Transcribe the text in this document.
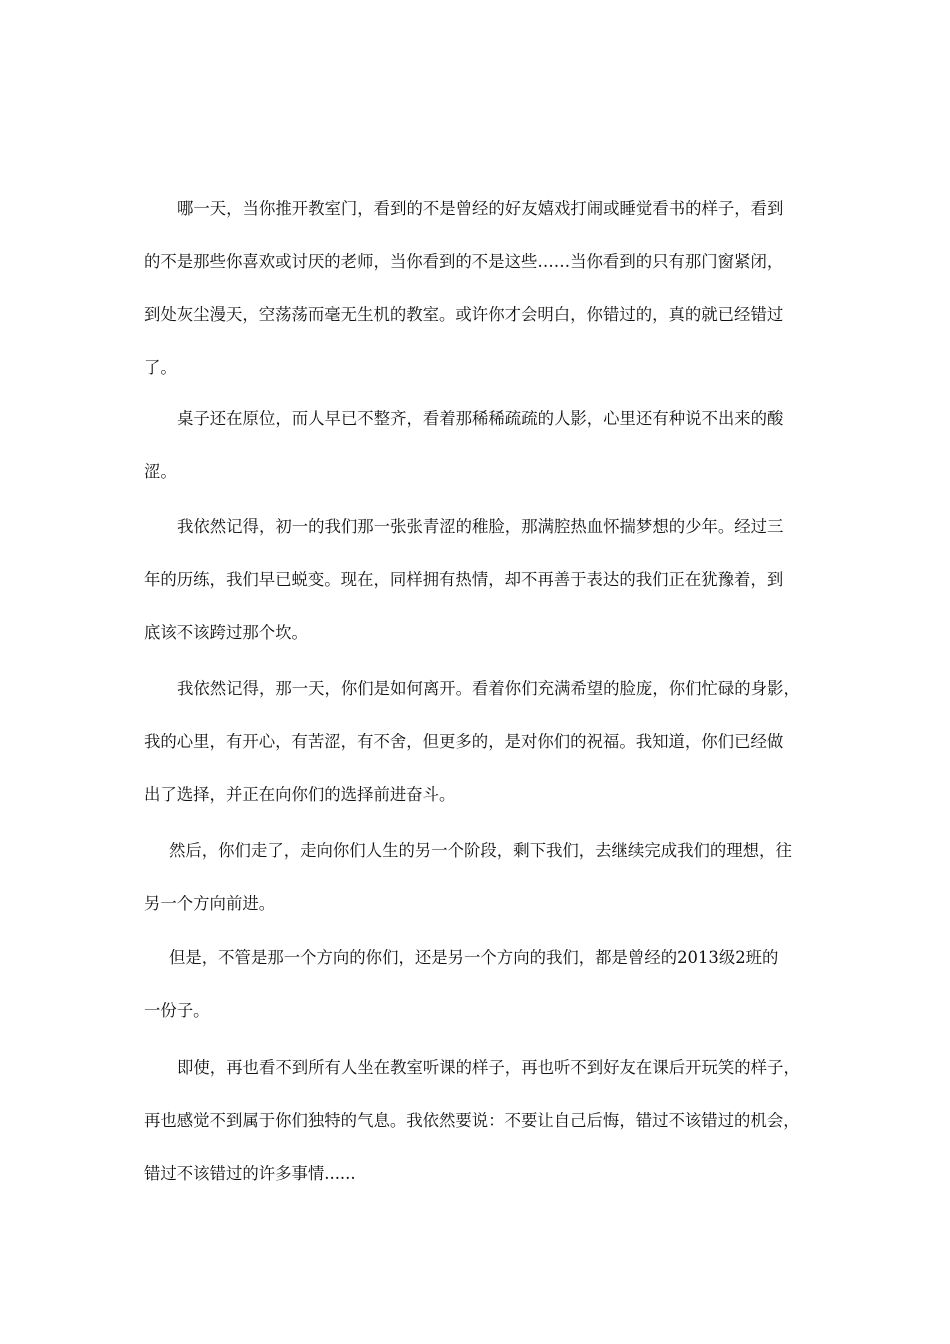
哪一天，当你推开教室门，看到的不是曾经的好友嬉戏打闹或睡觉看书的样子，看到
的不是那些你喜欢或讨厌的老师，当你看到的不是这些……当你看到的只有那门窗紧闭，
到处灰尘漫天，空荡荡而毫无生机的教室。或许你才会明白，你错过的，真的就已经错过
了。
桌子还在原位，而人早已不整齐，看着那稀稀疏疏的人影，心里还有种说不出来的酸
涩。
我依然记得，初一的我们那一张张青涩的稚脸，那满腔热血怀揣梦想的少年。经过三
年的历练，我们早已蜕变。现在，同样拥有热情，却不再善于表达的我们正在犹豫着，到
底该不该跨过那个坎。
我依然记得，那一天，你们是如何离开。看着你们充满希望的脸庞，你们忙碌的身影，
我的心里，有开心，有苦涩，有不舍，但更多的，是对你们的祝福。我知道，你们已经做
出了选择，并正在向你们的选择前进奋斗。
然后，你们走了，走向你们人生的另一个阶段，剩下我们，去继续完成我们的理想，往
另一个方向前进。
但是，不管是那一个方向的你们，还是另一个方向的我们，都是曾经的2013级2班的
一份子。
即使，再也看不到所有人坐在教室听课的样子，再也听不到好友在课后开玩笑的样子，
再也感觉不到属于你们独特的气息。我依然要说：不要让自己后悔，错过不该错过的机会，
错过不该错过的许多事情......
